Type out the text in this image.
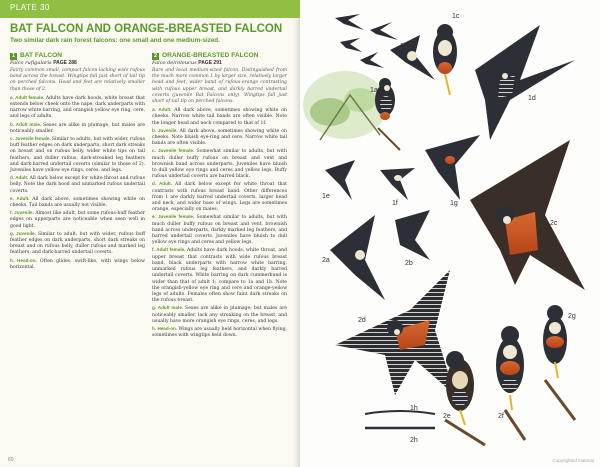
PLATE 30
BAT FALCON AND ORANGE-BREASTED FALCON
Two similar dark rain forest falcons: one small and one medium-sized.
1 BAT FALCON
Falco rufigularis PAGE 288
Fairly common small, compact falcon lacking wide rufous band across the breast. Wingtips fall just short of tail tip on perched falcons. Head and feet are relatively smaller than those of 2.
a. Adult female. Adults have dark hoods, white breast that extends below cheek onto the nape, dark underparts with narrow white barring, and orangish yellow eye ring, cere, and legs of adults.
b. Adult male. Sexes are alike in plumage, but males are noticeably smaller.
c. Juvenile female. Similar to adults, but with wider, rufous buff feather edges on dark underparts, short dark streaks on breast and on rufous belly, wider white tips on tail feathers, and duller rufous, dark-streaked leg feathers and dark-barred undertail coverts (similar to those of 2). Juveniles have yellow eye rings, ceres, and legs.
d. Adult. All dark below except for white throat and rufous belly. Note the dark hood and unmarked rufous undertail coverts.
e. Adult. All dark above, sometimes showing white on cheeks. Tail bands are usually not visible.
f. Juvenile. Almost like adult, but some rufous-buff feather edges on upperparts are noticeable when seen well in good light.
g. Juvenile. Similar to adult, but with wider, rufous buff feather edges on dark underparts, short dark streaks on breast and on rufous belly, duller rufous and marked leg feathers, and dark-barred undertail coverts.
h. Head-on. Often glides, swift-like, with wings below horizontal.
2 ORANGE-BREASTED FALCON
Falco deiroleucus PAGE 291
Rare and local medium-sized falcon. Distinguished from the much more common 1 by larger size, relatively larger head and feet, wider band of rufous-orange contrasting with rufous upper breast, and darkly barred undertail coverts (juvenile Bat Falcons only). Wingtips fall just short of tail tip on perched falcons.
a. Adult. All dark above, sometimes showing white on cheeks. Narrow white tail bands are often visible. Note the longer head and neck compared to that of 1f.
b. Juvenile. All dark above, sometimes showing white on cheeks. Note bluish eye-ring and cere. Narrow white tail bands are often visible.
c. Juvenile female. Somewhat similar to adults, but with much duller buffy rufous on breast and vent and brownish band across underparts. Juveniles have bluish to dull yellow eye rings and ceres and yellow legs. Buffy rufous undertail coverts are barred black.
d. Adult. All dark below except for white throat that contrasts with rufous breast band. Other differences from 1 are darkly barred undertail coverts, larger head and neck, and wider base of wings. Legs are sometimes orange, especially on males.
e. Juvenile female. Somewhat similar to adults, but with much duller buffy rufous on breast and vent, brownish band across underparts, darkly marked leg feathers, and barred undertail coverts. Juveniles have bluish to dull yellow eye rings and ceres and yellow legs.
f. Adult female. Adults have dark hoods, white throat, and upper breast that contrasts with wide rufous breast band, black underparts with narrow white barring, unmarked rufous leg feathers, and darkly barred undertail coverts. White barring on dark cummerbund is wider than that of adult 1; compare to 1a and 1b. Note the orangish-yellow eye ring and cere and orange-yellow legs of adults. Females often show faint dark streaks on the rufous breast.
g. Adult male. Sexes are alike in plumage; but males are noticeably smaller, lack any streaking on the breast, and usually have more orangish eye rings, ceres, and legs.
h. Head-on. Wings are usually held horizontal when flying, sometimes with wingtips held down.
60
1c
1b
1a
1d
1h
1f
1e
1g
2b
2a
2c
2d
2e	2f
2g
2h
Copyrighted material
